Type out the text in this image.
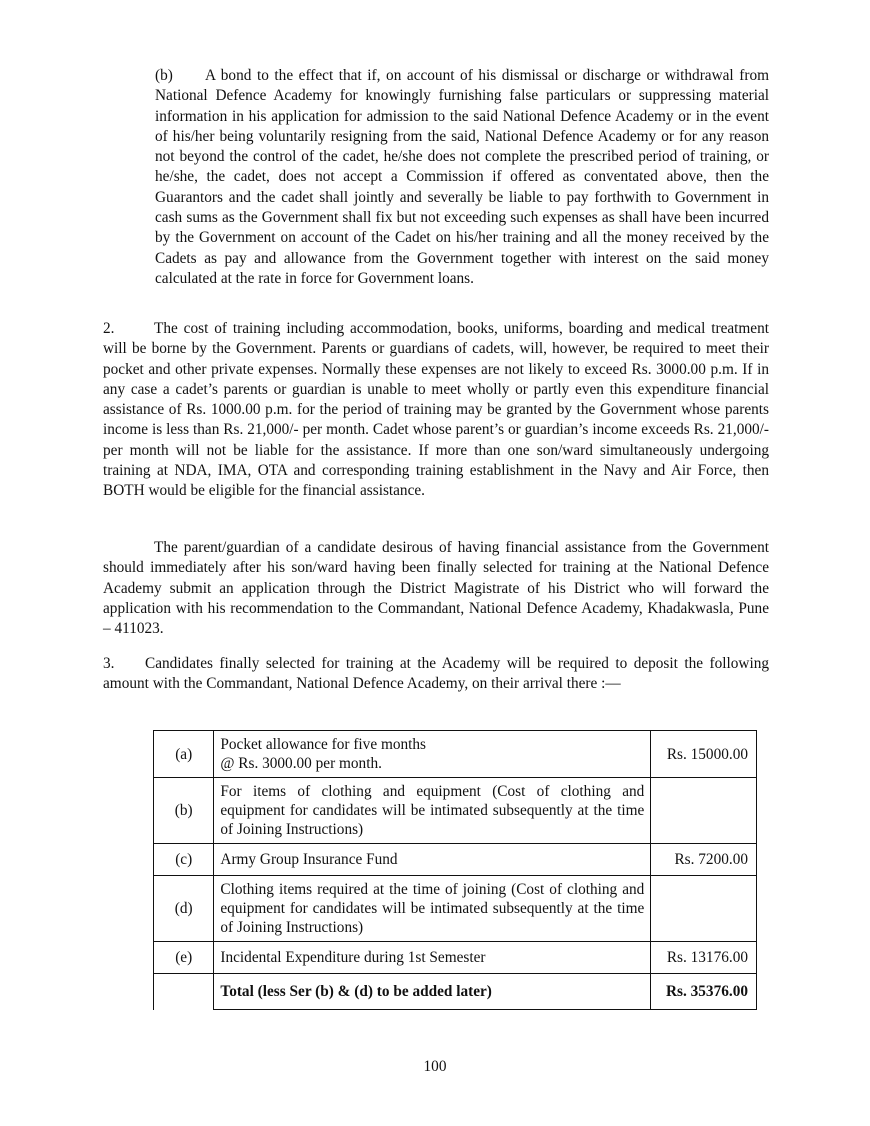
(b) A bond to the effect that if, on account of his dismissal or discharge or withdrawal from National Defence Academy for knowingly furnishing false particulars or suppressing material information in his application for admission to the said National Defence Academy or in the event of his/her being voluntarily resigning from the said, National Defence Academy or for any reason not beyond the control of the cadet, he/she does not complete the prescribed period of training, or he/she, the cadet, does not accept a Commission if offered as conventated above, then the Guarantors and the cadet shall jointly and severally be liable to pay forthwith to Government in cash sums as the Government shall fix but not exceeding such expenses as shall have been incurred by the Government on account of the Cadet on his/her training and all the money received by the Cadets as pay and allowance from the Government together with interest on the said money calculated at the rate in force for Government loans.

2.	The cost of training including accommodation, books, uniforms, boarding and medical treatment will be borne by the Government. Parents or guardians of cadets, will, however, be required to meet their pocket and other private expenses. Normally these expenses are not likely to exceed Rs. 3000.00 p.m. If in any case a cadet’s parents or guardian is unable to meet wholly or partly even this expenditure financial assistance of Rs. 1000.00 p.m. for the period of training may be granted by the Government whose parents income is less than Rs. 21,000/- per month. Cadet whose parent’s or guardian’s income exceeds Rs. 21,000/- per month will not be liable for the assistance. If more than one son/ward simultaneously undergoing training at NDA, IMA, OTA and corresponding training establishment in the Navy and Air Force, then BOTH would be eligible for the financial assistance.

The parent/guardian of a candidate desirous of having financial assistance from the Government should immediately after his son/ward having been finally selected for training at the National Defence Academy submit an application through the District Magistrate of his District who will forward the application with his recommendation to the Commandant, National Defence Academy, Khadakwasla, Pune – 411023.

3. Candidates finally selected for training at the Academy will be required to deposit the following amount with the Commandant, National Defence Academy, on their arrival there :—

(a)	Pocket allowance for five months
@ Rs. 3000.00 per month.	Rs. 15000.00

(b)	For items of clothing and equipment (Cost of clothing and equipment for candidates will be intimated subsequently at the time of Joining Instructions)	

(c)	Army Group Insurance Fund	Rs. 7200.00

(d)	Clothing items required at the time of joining (Cost of clothing and equipment for candidates will be intimated subsequently at the time of Joining Instructions)	

(e)	Incidental Expenditure during 1st Semester	Rs. 13176.00

	Total (less Ser (b) & (d) to be added later)	Rs. 35376.00
100
